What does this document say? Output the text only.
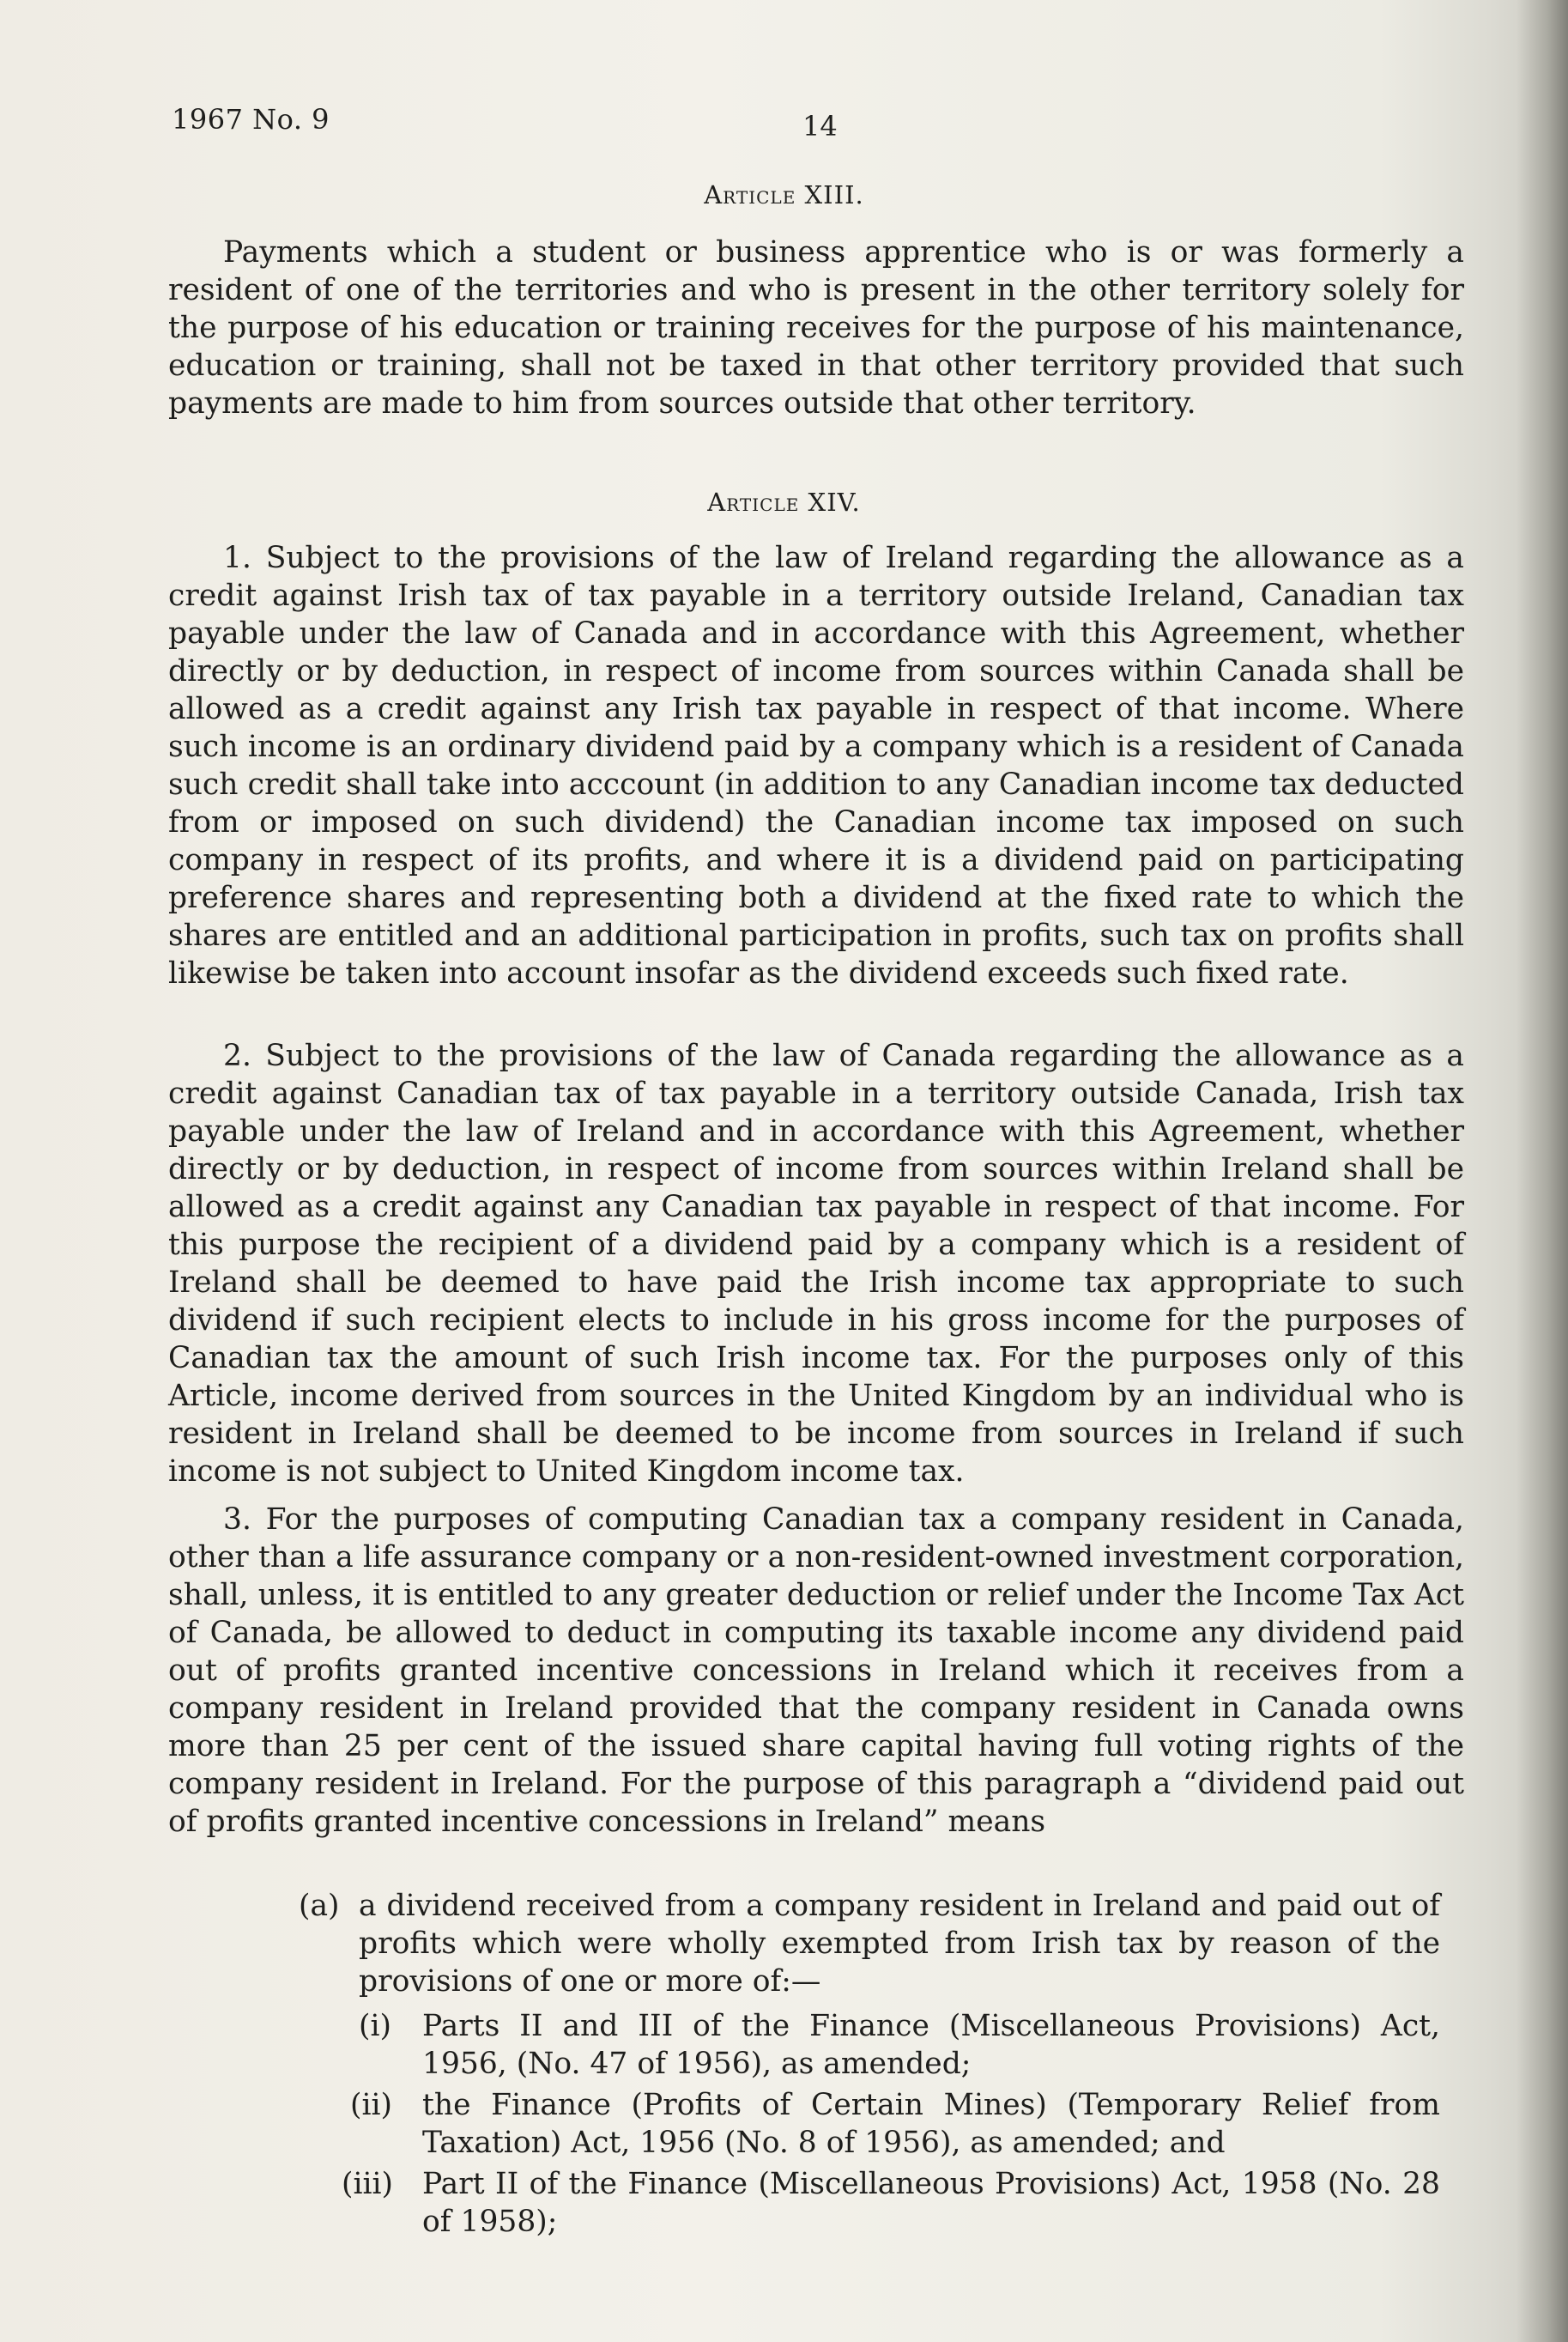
1967 No. 9	14
Article XIII.

Payments which a student or business apprentice who is or was formerly a resident of one of the territories and who is present in the other territory solely for the purpose of his education or training receives for the purpose of his maintenance, education or training, shall not be taxed in that other territory provided that such payments are made to him from sources outside that other territory.

Article XIV.

1. Subject to the provisions of the law of Ireland regarding the allowance as a credit against Irish tax of tax payable in a territory outside Ireland, Canadian tax payable under the law of Canada and in accordance with this Agreement, whether directly or by deduction, in respect of income from sources within Canada shall be allowed as a credit against any Irish tax payable in respect of that income. Where such income is an ordinary dividend paid by a company which is a resident of Canada such credit shall take into acccount (in addition to any Canadian income tax deducted from or imposed on such dividend) the Canadian income tax imposed on such company in respect of its profits, and where it is a dividend paid on participating preference shares and representing both a dividend at the fixed rate to which the shares are entitled and an additional participation in profits, such tax on profits shall likewise be taken into account insofar as the dividend exceeds such fixed rate.

2. Subject to the provisions of the law of Canada regarding the allowance as a credit against Canadian tax of tax payable in a territory outside Canada, Irish tax payable under the law of Ireland and in accordance with this Agreement, whether directly or by deduction, in respect of income from sources within Ireland shall be allowed as a credit against any Canadian tax payable in respect of that income. For this purpose the recipient of a dividend paid by a company which is a resident of Ireland shall be deemed to have paid the Irish income tax appropriate to such dividend if such recipient elects to include in his gross income for the purposes of Canadian tax the amount of such Irish income tax. For the purposes only of this Article, income derived from sources in the United Kingdom by an individual who is resident in Ireland shall be deemed to be income from sources in Ireland if such income is not subject to United Kingdom income tax.

3. For the purposes of computing Canadian tax a company resident in Canada, other than a life assurance company or a non-resident-owned investment corporation, shall, unless, it is entitled to any greater deduction or relief under the Income Tax Act of Canada, be allowed to deduct in computing its taxable income any dividend paid out of profits granted incentive concessions in Ireland which it receives from a company resident in Ireland provided that the company resident in Canada owns more than 25 per cent of the issued share capital having full voting rights of the company resident in Ireland. For the purpose of this paragraph a “dividend paid out of profits granted incentive concessions in Ireland” means

(a) a dividend received from a company resident in Ireland and paid out of profits which were wholly exempted from Irish tax by reason of the provisions of one or more of:—
(i) Parts II and III of the Finance (Miscellaneous Provisions) Act, 1956, (No. 47 of 1956), as amended;
(ii) the Finance (Profits of Certain Mines) (Temporary Relief from Taxation) Act, 1956 (No. 8 of 1956), as amended; and
(iii) Part II of the Finance (Miscellaneous Provisions) Act, 1958 (No. 28 of 1958);
